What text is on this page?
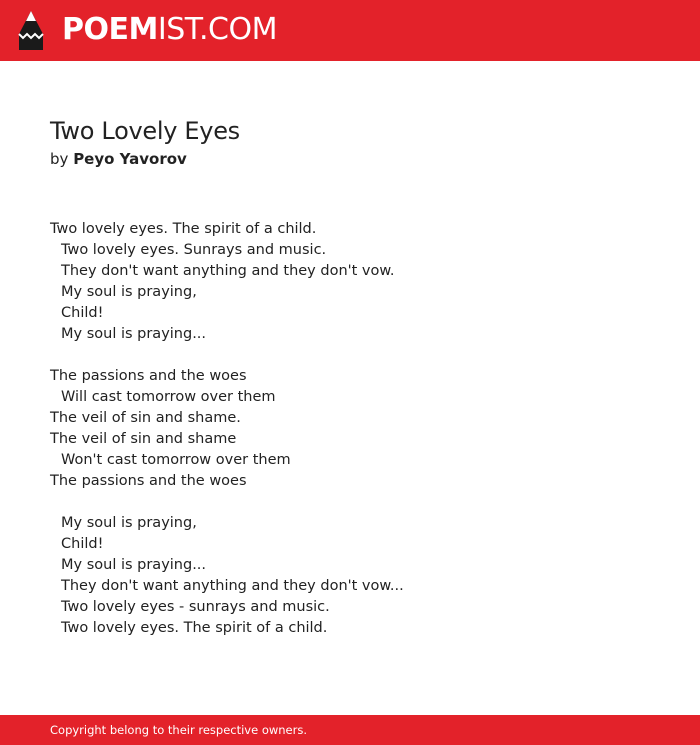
POEMIST.COM
Two Lovely Eyes
by Peyo Yavorov
Two lovely eyes. The spirit of a child.
Two lovely eyes. Sunrays and music.
They don't want anything and they don't vow.
My soul is praying,
Child!
My soul is praying...
The passions and the woes
Will cast tomorrow over them
The veil of sin and shame.
The veil of sin and shame
Won't cast tomorrow over them
The passions and the woes
My soul is praying,
Child!
My soul is praying...
They don't want anything and they don't vow...
Two lovely eyes - sunrays and music.
Two lovely eyes. The spirit of a child.
Copyright belong to their respective owners.
